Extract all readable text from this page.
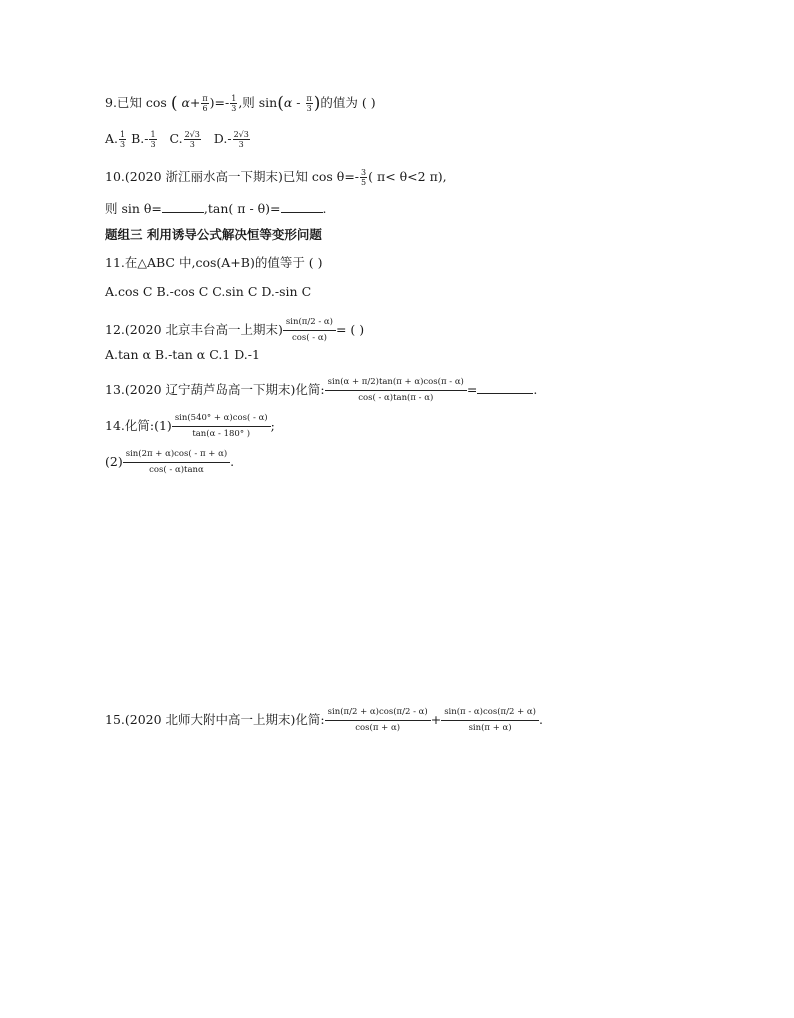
9.已知 cos ( $\alpha+ \frac{\pi}{6}$ )=- $\frac{1}{3}$ ,则 $\sin(\alpha - \frac{\pi}{3}$ )的值为 ( )
A. $\frac{1}{3} B.- \frac{1}{3} C$. $\frac{2√3}{3} D.- \frac{2√3}{3}$
10.(2020 浙江丽水高一下期末)已知 $\cos \theta=- \frac{3}{5}$ ( π< θ<2 π),
则 sin θ=	,tan( π - θ)=	.
题组三 利用诱导公式解决恒等变形问题
11.在△ABC 中,cos(A+B)的值等于 ( )
A.cos C B.-cos C C.sin C D.-sin C
12.(2020 北京丰台高一上期末) $\frac{\sin(\pi/2 - \alpha)}{\cos( - \alpha)}$ = ( )
A.tan α B.-tan α C.1 D.-1
13.(2020 辽宁葫芦岛高一下期末)化简: $\frac{\sin(\alpha + \pi/2)\tan(\pi + \alpha)\cos(\pi - \alpha)}{\cos( - \alpha)\tan(\pi - \alpha)}$ =	.
14.化简:(1) $\frac{\sin(540^\circ + \alpha)\cos( - \alpha)}{\tan(\alpha - 180^\circ )}$ ;
$(2) \frac{\sin(2\pi + \alpha)\cos( - \pi + \alpha)}{\cos( - \alpha)\tan\alpha}$ .
15.(2020 北师大附中高一上期末)化简: $\frac{\sin(\pi/2 + \alpha)\cos(\pi/2 - \alpha)}{\cos(\pi + \alpha)} + \frac{\sin(\pi - \alpha)\cos(\pi/2 + \alpha)}{\sin(\pi + \alpha)}$ .
